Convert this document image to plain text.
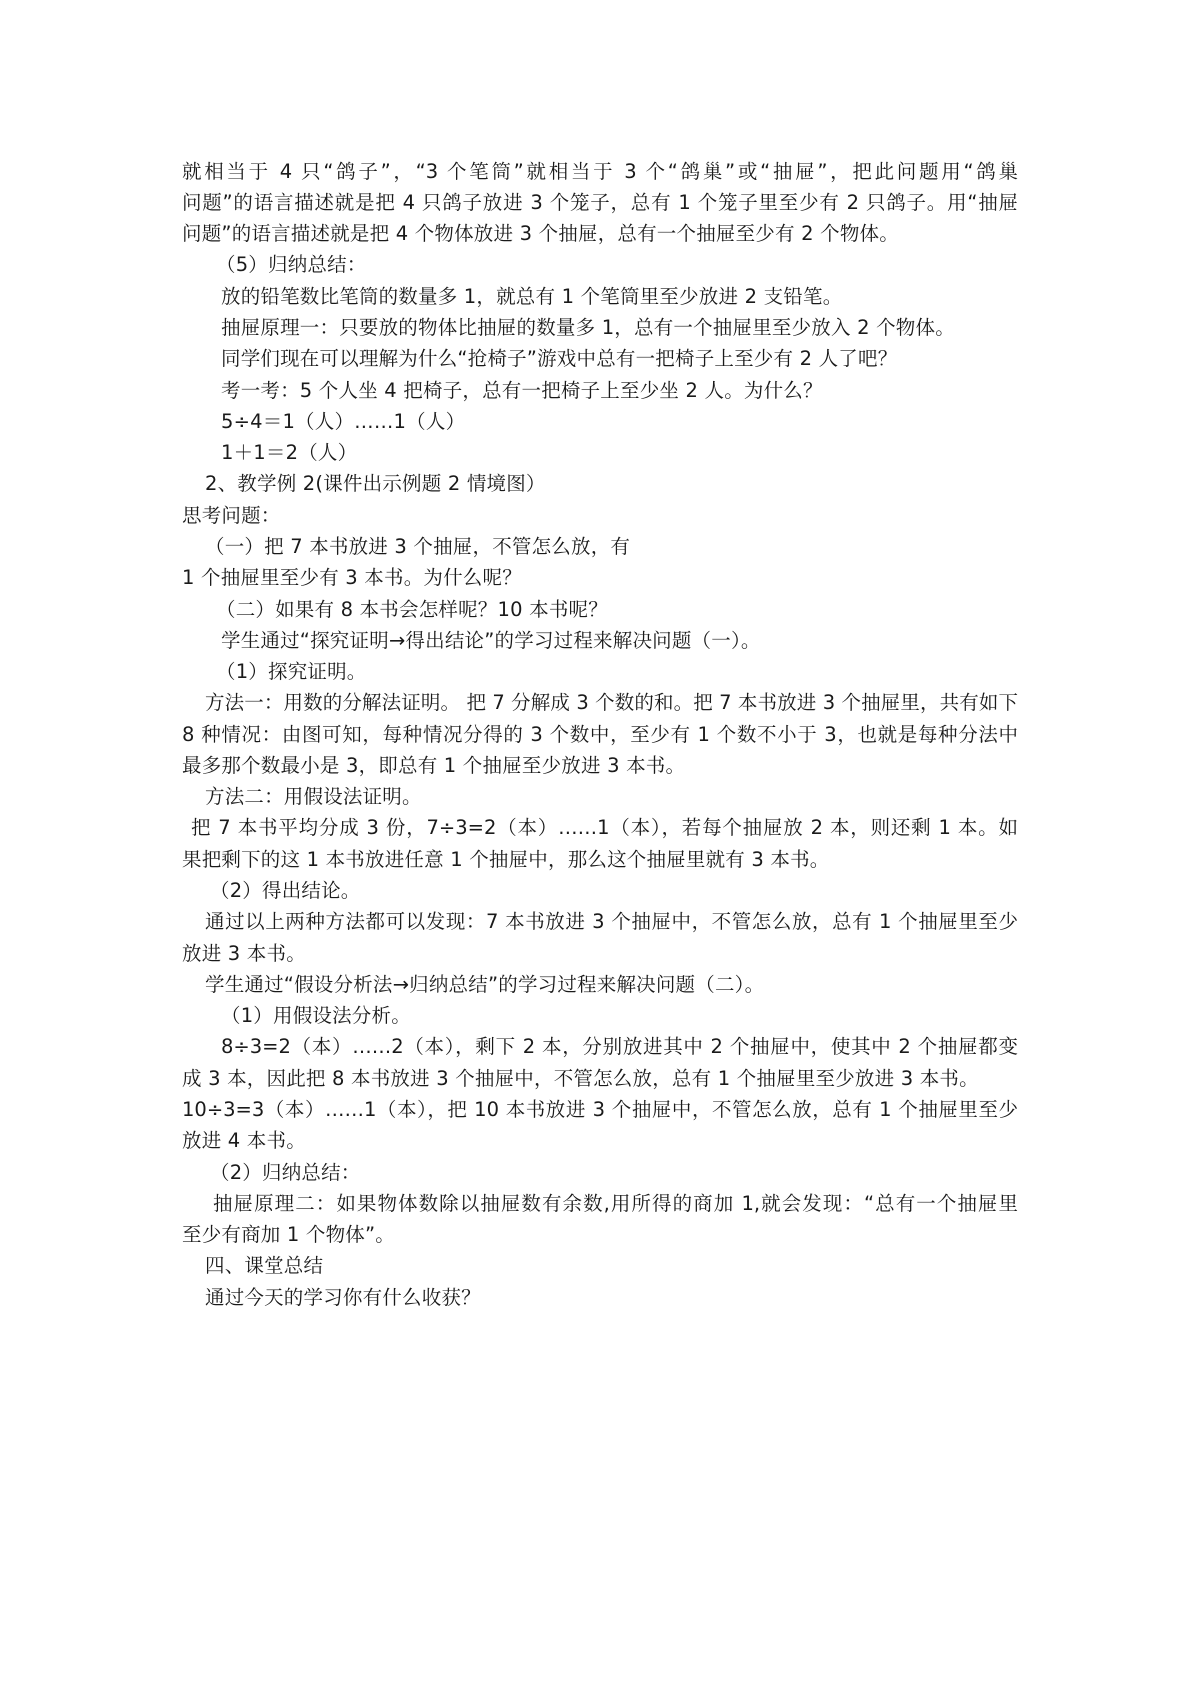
就相当于 4 只“鸽子”，“3 个笔筒”就相当于 3 个“鸽巢”或“抽屉”，把此问题用“鸽巢
问题”的语言描述就是把 4 只鸽子放进 3 个笼子，总有 1 个笼子里至少有 2 只鸽子。用“抽屉
问题”的语言描述就是把 4 个物体放进 3 个抽屉，总有一个抽屉至少有 2 个物体。
（5）归纳总结：
放的铅笔数比笔筒的数量多 1，就总有 1 个笔筒里至少放进 2 支铅笔。
抽屉原理一：只要放的物体比抽屉的数量多 1，总有一个抽屉里至少放入 2 个物体。
同学们现在可以理解为什么“抢椅子”游戏中总有一把椅子上至少有 2 人了吧？
考一考：5 个人坐 4 把椅子，总有一把椅子上至少坐 2 人。为什么？
5÷4＝1（人）……1（人）
1＋1＝2（人）
2、教学例 2(课件出示例题 2 情境图）
思考问题：
（一）把 7 本书放进 3 个抽屉，不管怎么放，有
1 个抽屉里至少有 3 本书。为什么呢？
（二）如果有 8 本书会怎样呢？10 本书呢？
学生通过“探究证明→得出结论”的学习过程来解决问题（一）。
（1）探究证明。
方法一：用数的分解法证明。 把 7 分解成 3 个数的和。把 7 本书放进 3 个抽屉里，共有如下
8 种情况：由图可知，每种情况分得的 3 个数中，至少有 1 个数不小于 3，也就是每种分法中
最多那个数最小是 3，即总有 1 个抽屉至少放进 3 本书。
方法二：用假设法证明。
把 7 本书平均分成 3 份，7÷3=2（本）……1（本），若每个抽屉放 2 本，则还剩 1 本。如
果把剩下的这 1 本书放进任意 1 个抽屉中，那么这个抽屉里就有 3 本书。
（2）得出结论。
通过以上两种方法都可以发现：7 本书放进 3 个抽屉中，不管怎么放，总有 1 个抽屉里至少
放进 3 本书。
学生通过“假设分析法→归纳总结”的学习过程来解决问题（二）。
（1）用假设法分析。
8÷3=2（本）……2（本），剩下 2 本，分别放进其中 2 个抽屉中，使其中 2 个抽屉都变
成 3 本，因此把 8 本书放进 3 个抽屉中，不管怎么放，总有 1 个抽屉里至少放进 3 本书。
10÷3=3（本）……1（本），把 10 本书放进 3 个抽屉中，不管怎么放，总有 1 个抽屉里至少
放进 4 本书。
（2）归纳总结：
抽屉原理二：如果物体数除以抽屉数有余数,用所得的商加 1,就会发现：“总有一个抽屉里
至少有商加 1 个物体”。
四、课堂总结
通过今天的学习你有什么收获？
